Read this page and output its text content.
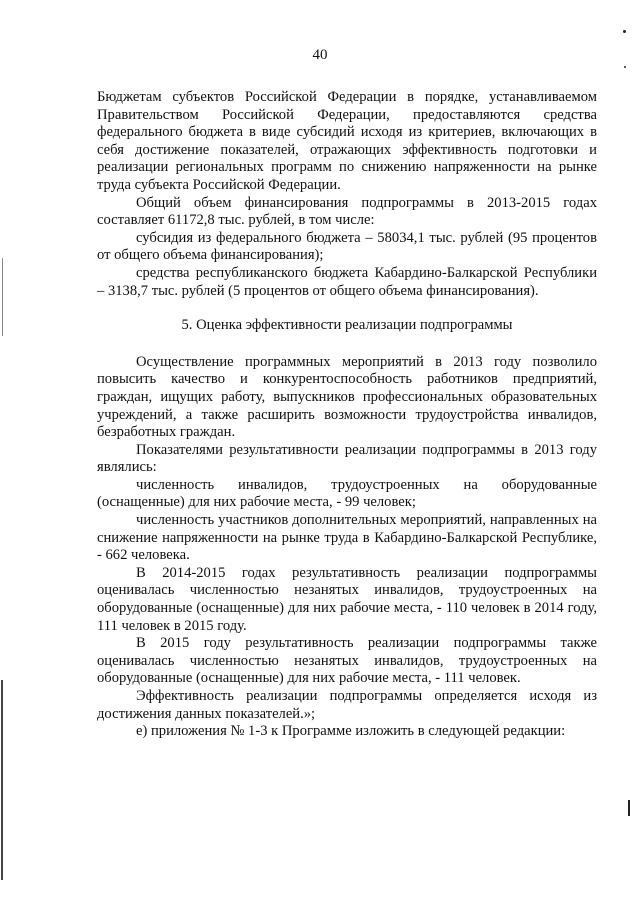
40

Бюджетам субъектов Российской Федерации в порядке, устанавливаемом Правительством Российской Федерации, предоставляются средства федерального бюджета в виде субсидий исходя из критериев, включающих в себя достижение показателей, отражающих эффективность подготовки и реализации региональных программ по снижению напряженности на рынке труда субъекта Российской Федерации.

Общий объем финансирования подпрограммы в 2013-2015 годах составляет 61172,8 тыс. рублей, в том числе:

субсидия из федерального бюджета – 58034,1 тыс. рублей (95 процентов от общего объема финансирования);

средства республиканского бюджета Кабардино-Балкарской Республики – 3138,7 тыс. рублей (5 процентов от общего объема финансирования).

5. Оценка эффективности реализации подпрограммы

Осуществление программных мероприятий в 2013 году позволило повысить качество и конкурентоспособность работников предприятий, граждан, ищущих работу, выпускников профессиональных образовательных учреждений, а также расширить возможности трудоустройства инвалидов, безработных граждан.

Показателями результативности реализации подпрограммы в 2013 году являлись:

численность инвалидов, трудоустроенных на оборудованные (оснащенные) для них рабочие места, - 99 человек;

численность участников дополнительных мероприятий, направленных на снижение напряженности на рынке труда в Кабардино-Балкарской Республике, - 662 человека.

В 2014-2015 годах результативность реализации подпрограммы оценивалась численностью незанятых инвалидов, трудоустроенных на оборудованные (оснащенные) для них рабочие места, - 110 человек в 2014 году, 111 человек в 2015 году.

В 2015 году результативность реализации подпрограммы также оценивалась численностью незанятых инвалидов, трудоустроенных на оборудованные (оснащенные) для них рабочие места, - 111 человек.

Эффективность реализации подпрограммы определяется исходя из достижения данных показателей.»;

е) приложения № 1-3 к Программе изложить в следующей редакции:
